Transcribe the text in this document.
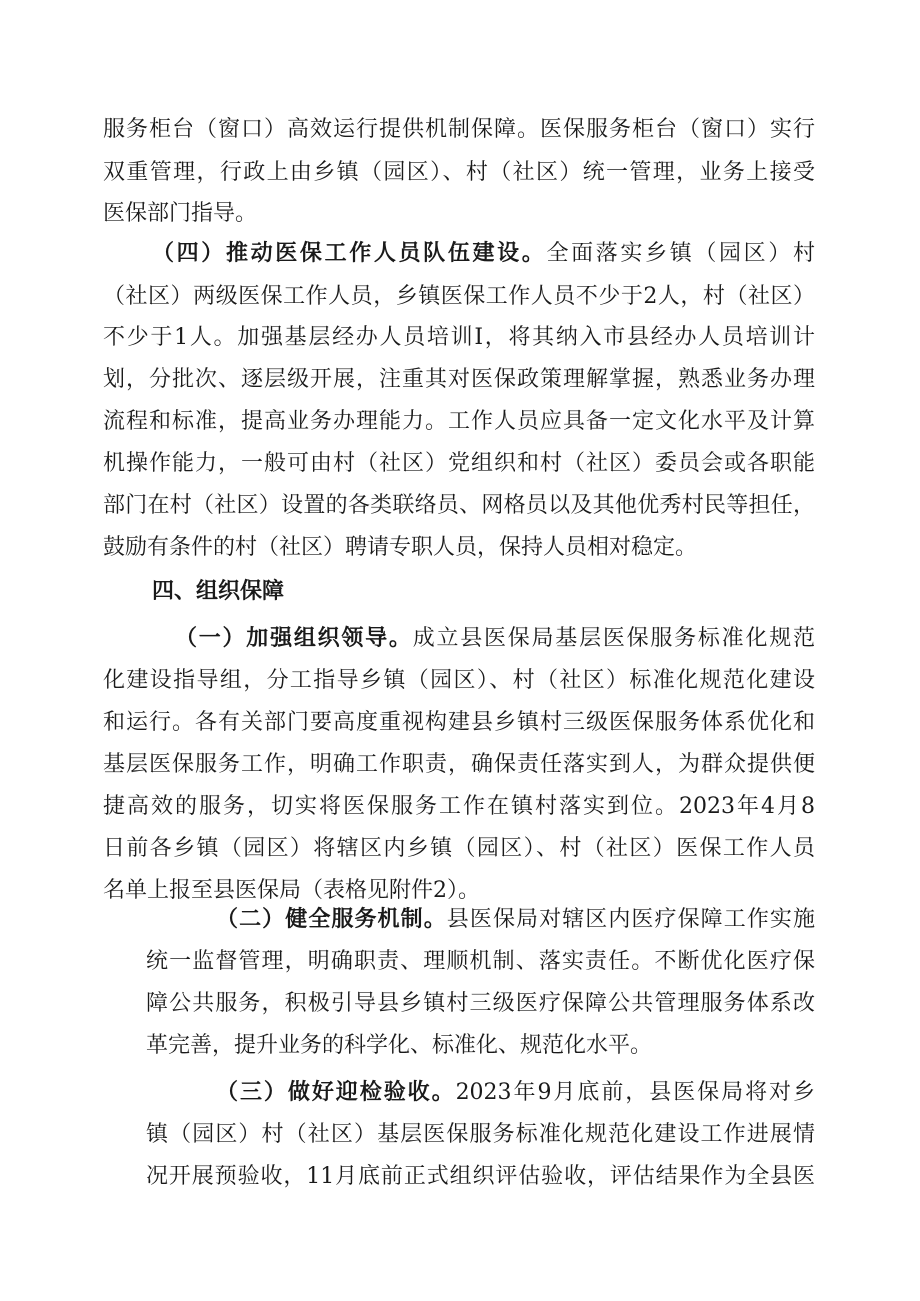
服务柜台（窗口）高效运行提供机制保障。医保服务柜台（窗口）实行
双重管理，行政上由乡镇（园区）、村（社区）统一管理，业务上接受
医保部门指导。
（四）推动医保工作人员队伍建设。全面落实乡镇（园区）村
（社区）两级医保工作人员，乡镇医保工作人员不少于2人，村（社区）
不少于1人。加强基层经办人员培训I，将其纳入市县经办人员培训计
划，分批次、逐层级开展，注重其对医保政策理解掌握，熟悉业务办理
流程和标准，提高业务办理能力。工作人员应具备一定文化水平及计算
机操作能力，一般可由村（社区）党组织和村（社区）委员会或各职能
部门在村（社区）设置的各类联络员、网格员以及其他优秀村民等担任，
鼓励有条件的村（社区）聘请专职人员，保持人员相对稳定。
四、组织保障
（一）加强组织领导。成立县医保局基层医保服务标准化规范
化建设指导组，分工指导乡镇（园区）、村（社区）标准化规范化建设
和运行。各有关部门要高度重视构建县乡镇村三级医保服务体系优化和
基层医保服务工作，明确工作职责，确保责任落实到人，为群众提供便
捷高效的服务，切实将医保服务工作在镇村落实到位。2023年4月8
日前各乡镇（园区）将辖区内乡镇（园区）、村（社区）医保工作人员
名单上报至县医保局（表格见附件2）。
（二）健全服务机制。县医保局对辖区内医疗保障工作实施
统一监督管理，明确职责、理顺机制、落实责任。不断优化医疗保
障公共服务，积极引导县乡镇村三级医疗保障公共管理服务体系改
革完善，提升业务的科学化、标准化、规范化水平。
（三）做好迎检验收。2023年9月底前，县医保局将对乡
镇（园区）村（社区）基层医保服务标准化规范化建设工作进展情
况开展预验收，11月底前正式组织评估验收，评估结果作为全县医
